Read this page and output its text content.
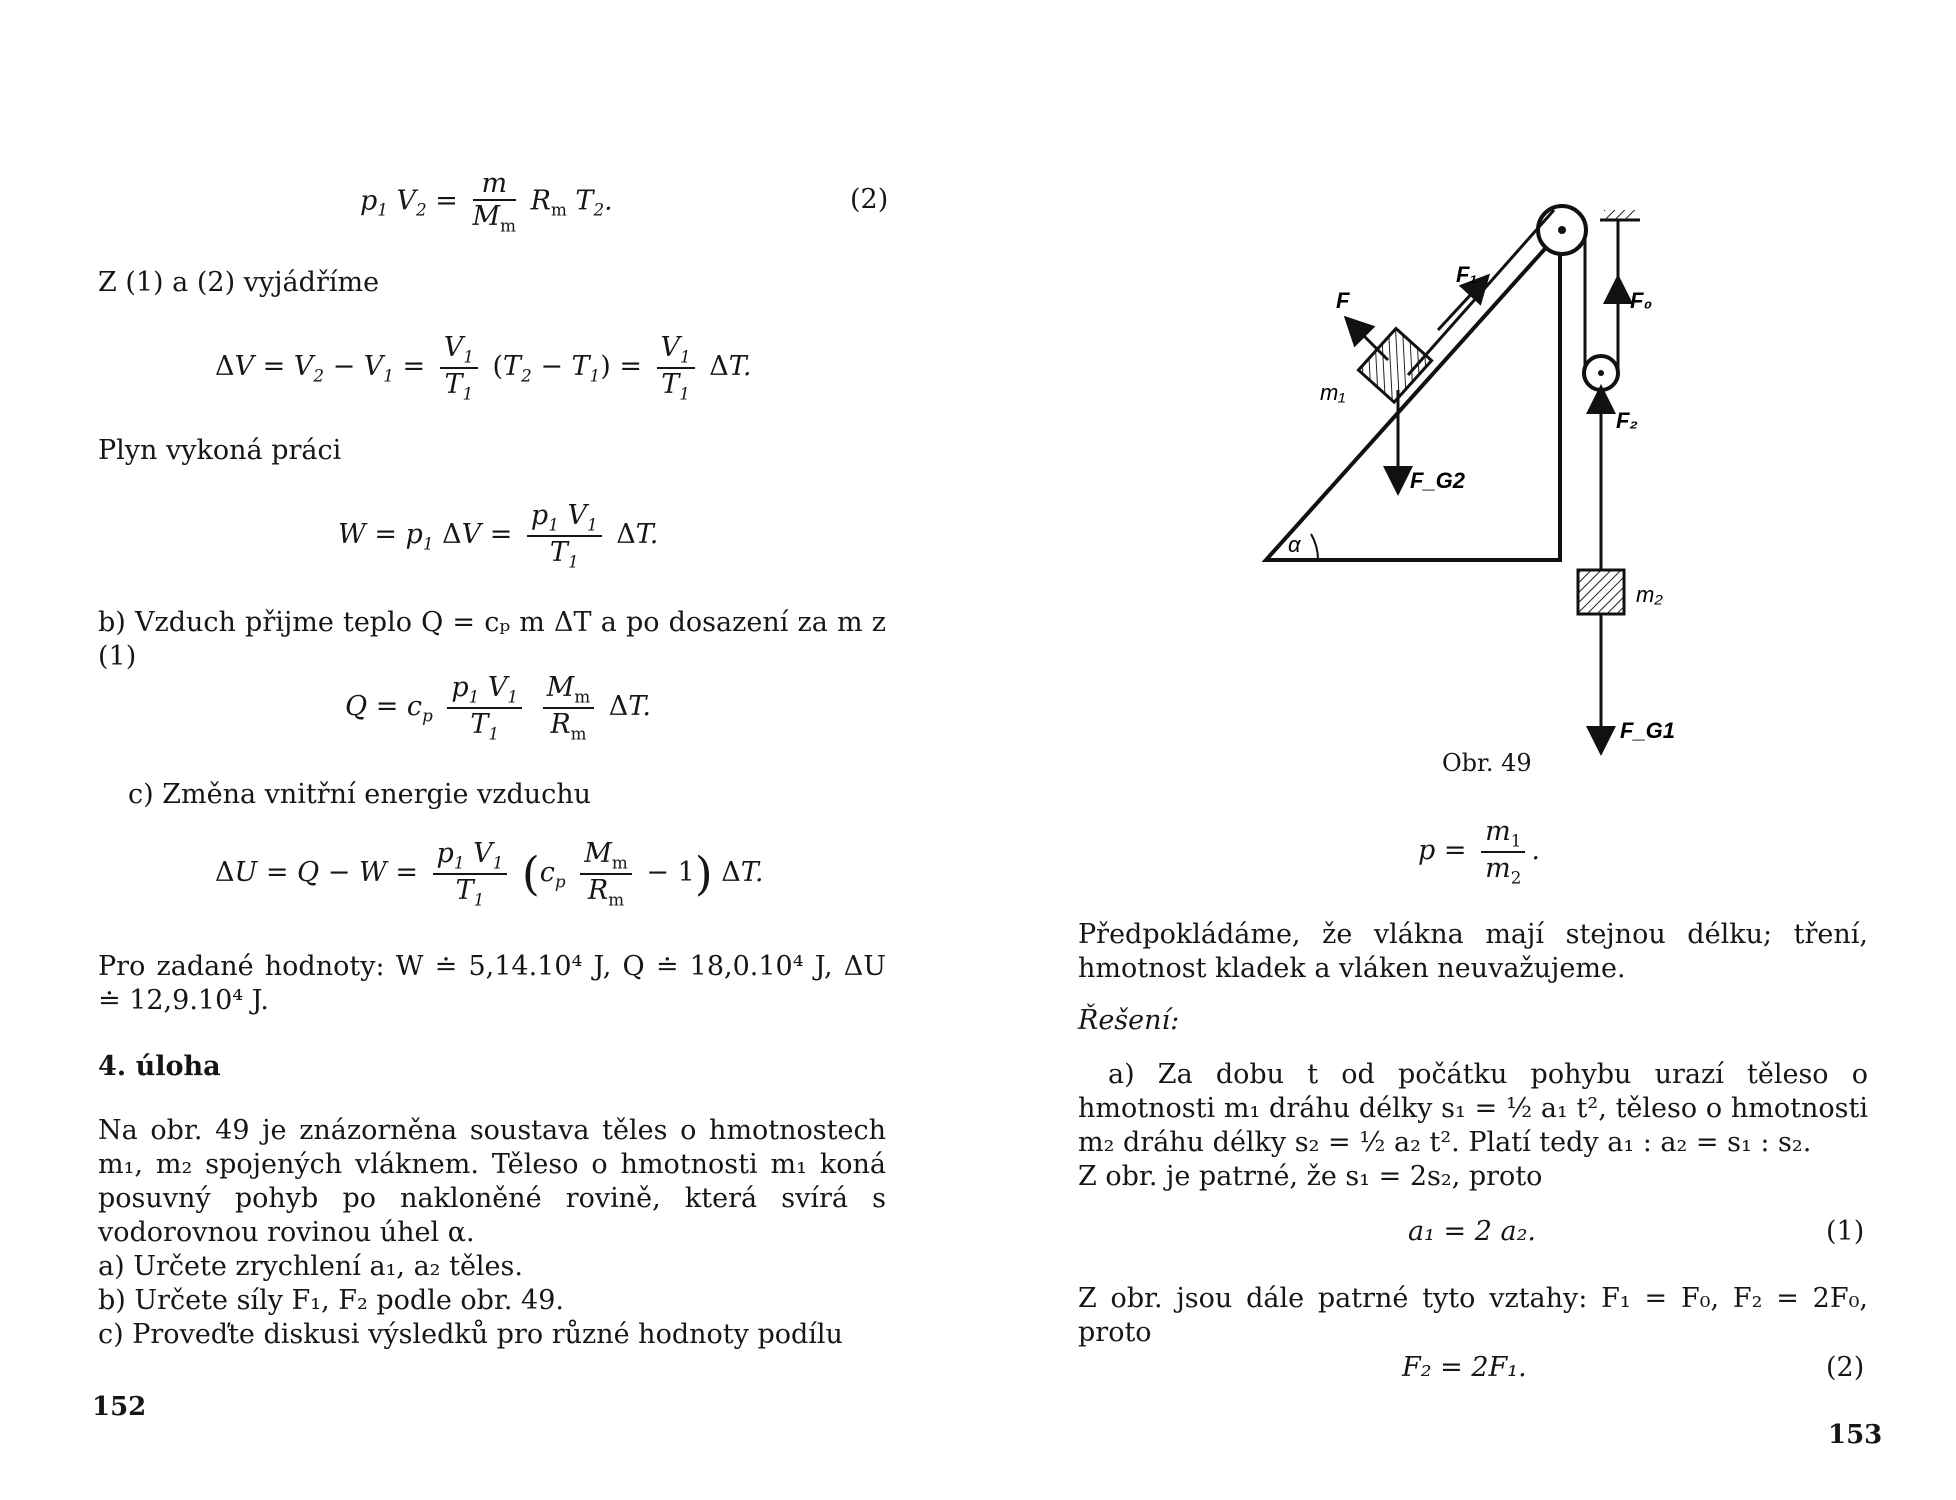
$p_1$ $V_2 = \frac{m}{M_m} R_m$ $T_2$.	(2)
Z (1) a (2) vyjádříme
$\Delta V = V_2 - V_1 = \frac{V_1}{T_1} (T_2 - T_1) = \frac{V_1}{T_1} \Delta T$.
Plyn vykoná práci
$W = p_1$ $\Delta V = \frac{p_1 V_1}{T_1} \Delta T$.
b) Vzduch přijme teplo Q = cₚ m ΔT a po dosazení za m z (1)
$Q = c_p \frac{p_1 V_1}{T_1}$
$\frac{M_m}{R_m} \Delta T$.
c) Změna vnitřní energie vzduchu
$\Delta U = Q - W = \frac{p_1 V_1}{T_1} (c_p \frac{M_m}{R_m} - 1)$ ΔT.
Pro zadané hodnoty: W ≐ 5,14.10⁴ J, Q ≐ 18,0.10⁴ J, ΔU ≐ 12,9.10⁴ J.
4. úloha
Na obr. 49 je znázorněna soustava těles o hmotnostech m₁, m₂ spojených vláknem. Těleso o hmotnosti m₁ koná posuvný pohyb po nakloněné rovině, která svírá s vodorovnou rovinou úhel α.
a) Určete zrychlení a₁, a₂ těles.
b) Určete síly F₁, F₂ podle obr. 49.
c) Proveďte diskusi výsledků pro různé hodnoty podílu
152
F
F₁
F₀
F₂
m₁
F_G2
m₂
F_G1
α
Obr. 49
$p = \frac{m_1}{m_2}$ .
Předpokládáme, že vlákna mají stejnou délku; tření, hmotnost kladek a vláken neuvažujeme.
Řešení:
a) Za dobu t od počátku pohybu urazí těleso o hmotnosti m₁ dráhu délky s₁ = ½ a₁ t², těleso o hmotnosti m₂ dráhu délky s₂ = ½ a₂ t². Platí tedy a₁ : a₂ = s₁ : s₂.
Z obr. je patrné, že s₁ = 2s₂, proto
a₁ = 2 a₂.	(1)
Z obr. jsou dále patrné tyto vztahy: F₁ = F₀, F₂ = 2F₀, proto
F₂ = 2F₁.	(2)
153
